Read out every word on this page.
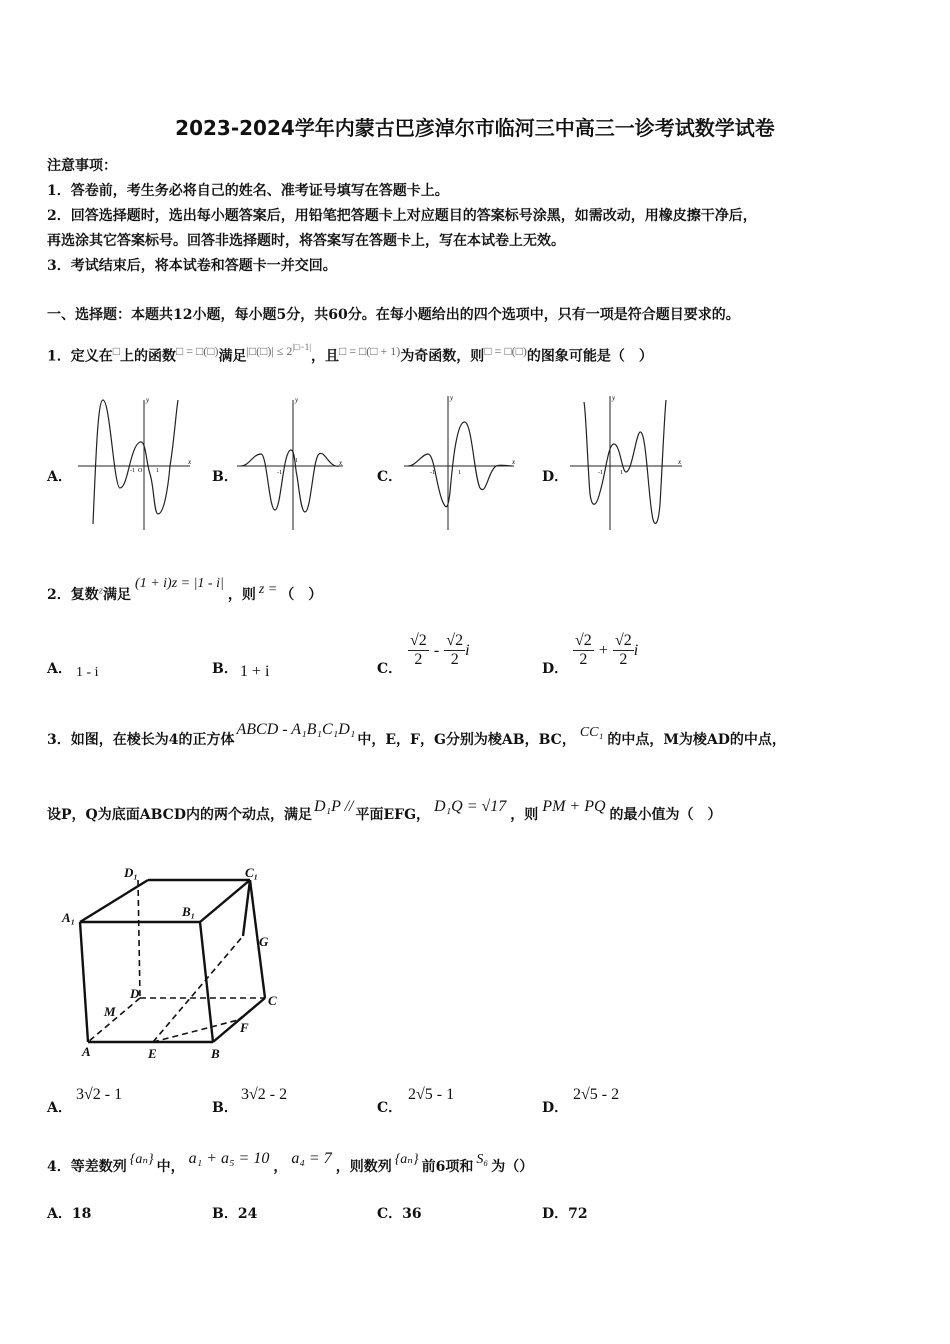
2023-2024学年内蒙古巴彦淖尔市临河三中高三一诊考试数学试卷
注意事项：
1．答卷前，考生务必将自己的姓名、准考证号填写在答题卡上。
2．回答选择题时，选出每小题答案后，用铅笔把答题卡上对应题目的答案标号涂黑，如需改动，用橡皮擦干净后，
再选涂其它答案标号。回答非选择题时，将答案写在答题卡上，写在本试卷上无效。
3．考试结束后，将本试卷和答题卡一并交回。
一、选择题：本题共12小题，每小题5分，共60分。在每小题给出的四个选项中，只有一项是符合题目要求的。
1．定义在□上的函数□ = □(□)满足|□(□)| ≤ $2^{|□-1|}$，且□ = □(□ + 1)为奇函数，则□ = □(□)的图象可能是（　）
A．	B．	C．	D．
x
y
-1	1
O
x
y
-1
1	x
y
-1	1
x
y
-1	1
2．复数$^z$满足(1 + i)z = |1 - i|，则 z = （　）
A． 1 - i	B． 1 + i	C． $\frac{√2}{2} - \frac{√2}{2}$ i
D． $\frac{√2}{2} + \frac{√2}{2}$ i
3．如图，在棱长为4的正方体ABCD - A₁B₁C₁D₁中，E，F，G分别为棱AB，BC， CC₁ 的中点，M为棱AD的中点，
设P，Q为底面ABCD内的两个动点，满足 D₁P // 平面EFG， D₁Q = √17 ，则 PM + PQ 的最小值为（　）
D₁	C₁
A₁	B₁
G
D	C
M
F
A	E	B
A．
3√2 - 1
B．
3√2 - 2
C．
2√5 - 1
D．
2√5 - 2
4．等差数列 {aₙ} 中， a₁ + a₅ = 10 ， a₄ = 7 ，则数列 {aₙ} 前6项和 S₆ 为（）
A．18	B．24	C．36	D．72
